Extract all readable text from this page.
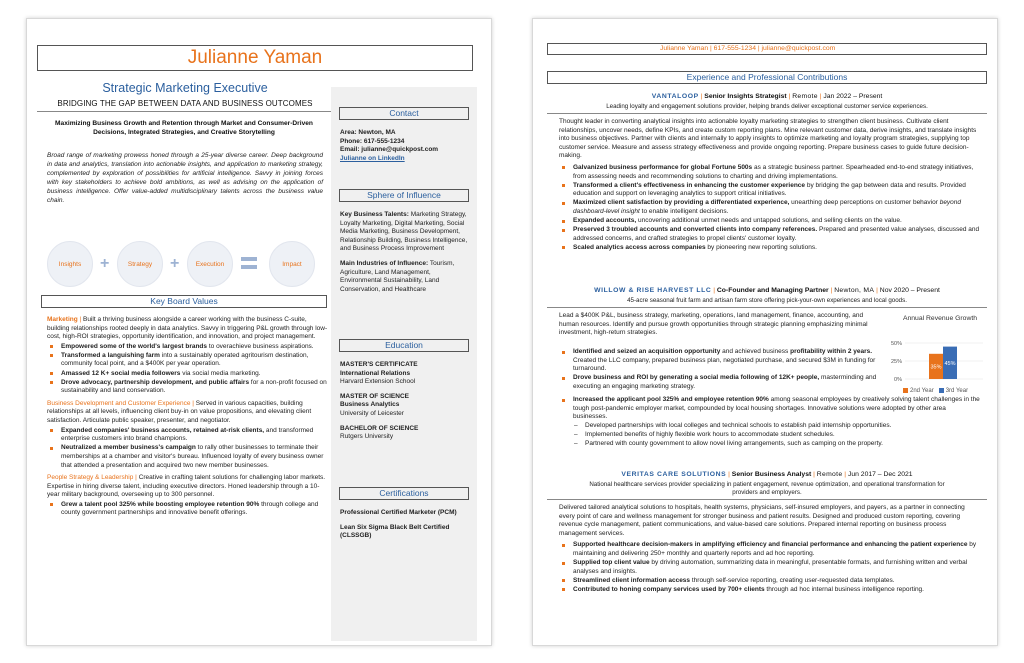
Julianne Yaman
Strategic Marketing Executive
BRIDGING THE GAP BETWEEN DATA AND BUSINESS OUTCOMES
Maximizing Business Growth and Retention through Market and Consumer-Driven Decisions, Integrated Strategies, and Creative Storytelling
Broad range of marketing prowess honed through a 25-year diverse career. Deep background in data and analytics, translation into actionable insights, and application to marketing strategy, complemented by exploration of possibilities for artificial intelligence. Savvy in joining forces with key stakeholders to achieve bold ambitions, as well as advising on the application of business intelligence. Offer value-added multidisciplinary talents across the business value chain.
Insights +	Strategy +	Execution	Impact
Key Board Values

Marketing | Built a thriving business alongside a career working with the business C-suite, building relationships rooted deeply in data analytics. Savvy in triggering P&L growth through low-cost, high-ROI strategies, opportunity identification, and innovation, and project management.

Empowered some of the world's largest brands to overachieve business aspirations.
Transformed a languishing farm into a sustainably operated agritourism destination, community focal point, and a $400K per year operation.
Amassed 12 K+ social media followers via social media marketing.
Drove advocacy, partnership development, and public affairs for a non-profit focused on sustainability and land conservation.

Business Development and Customer Experience | Served in various capacities, building relationships at all levels, influencing client buy-in on value propositions, and elevating client satisfaction. Articulate public speaker, presenter, and negotiator.

Expanded companies' business accounts, retained at-risk clients, and transformed enterprise customers into brand champions.
Neutralized a member business's campaign to rally other businesses to terminate their memberships at a chamber and visitor's bureau. Influenced loyalty of every business owner that attended a presentation and acquired two new member businesses.

People Strategy & Leadership | Creative in crafting talent solutions for challenging labor markets. Expertise in hiring diverse talent, including executive directors. Honed leadership through a 10-year military background, overseeing up to 300 personnel.

Grew a talent pool 325% while boosting employee retention 90% through college and county government partnerships and innovative benefit offerings.
Contact
Area: Newton, MA
Phone: 617-555-1234
Email: julianne@quickpost.com
Julianne on LinkedIn
Sphere of Influence

Key Business Talents: Marketing Strategy, Loyalty Marketing, Digital Marketing, Social Media Marketing, Business Development, Relationship Building, Business Intelligence, and Business Process Improvement

Main Industries of Influence: Tourism, Agriculture, Land Management, Environmental Sustainability, Land Conservation, and Healthcare

Education

MASTER'S CERTIFICATE
International Relations
Harvard Extension School

MASTER OF SCIENCE
Business Analytics
University of Leicester

BACHELOR OF SCIENCE
Rutgers University

Certifications

Professional Certified Marketer (PCM)

Lean Six Sigma Black Belt Certified (CLSSGB)

Julianne Yaman | 617-555-1234 | julianne@quickpost.com
Experience and Professional Contributions
VANTALOOP | Senior Insights Strategist | Remote | Jan 2022 – Present
Leading loyalty and engagement solutions provider, helping brands deliver exceptional customer service experiences.

Thought leader in converting analytical insights into actionable loyalty marketing strategies to strengthen client business. Cultivate client relationships, uncover needs, define KPIs, and create custom reporting plans. Mine relevant customer data, derive insights, and translate insights into business objectives. Partner with clients and internally to apply insights to optimize marketing and loyalty program strategies, supplying top customer service. Measure and assess strategy effectiveness and provide ongoing reporting. Prepare business cases to guide future decision-making.

Galvanized business performance for global Fortune 500s as a strategic business partner. Spearheaded end-to-end strategy initiatives, from assessing needs and recommending solutions to charting and driving implementations.
Transformed a client's effectiveness in enhancing the customer experience by bridging the gap between data and results. Provided education and support on leveraging analytics to support critical initiatives.
Maximized client satisfaction by providing a differentiated experience, unearthing deep perceptions on customer behavior beyond dashboard-level insight to enable intelligent decisions.
Expanded accounts, uncovering additional unmet needs and untapped solutions, and selling clients on the value.
Preserved 3 troubled accounts and converted clients into company references. Prepared and presented value analyses, discussed and addressed concerns, and crafted strategies to propel clients' customer loyalty.
Scaled analytics access across companies by pioneering new reporting solutions.
WILLOW & RISE HARVEST LLC | Co-Founder and Managing Partner | Newton, MA | Nov 2020 – Present
45-acre seasonal fruit farm and artisan farm store offering pick-your-own experiences and local goods.
Lead a $400K P&L, business strategy, marketing, operations, land management, finance, accounting, and human resources. Identify and pursue growth opportunities through strategic planning emphasizing minimal investment, high-return strategies.
Identified and seized an acquisition opportunity and achieved business profitability within 2 years. Created the LLC company, prepared business plan, negotiated purchase, and secured $3M in funding for turnaround.
Drove business and ROI by generating a social media following of 12K+ people, masterminding and executing an engaging marketing strategy.
Increased the applicant pool 325% and employee retention 90% among seasonal employees by creatively solving talent challenges in the tough post-pandemic employer market, compounded by local housing shortages. Innovative solutions were adopted by other area businesses.
– Developed partnerships with local colleges and technical schools to establish paid internship opportunities.
– Implemented benefits of highly flexible work hours to accommodate student schedules.
– Partnered with county government to allow novel living arrangements, such as camping on the property.
Annual Revenue Growth
50%
25%
0%
35%
45%
2nd Year 3rd Year
VERITAS CARE SOLUTIONS | Senior Business Analyst | Remote | Jun 2017 – Dec 2021
National healthcare services provider specializing in patient engagement, revenue optimization, and operational transformation for providers and employers.

Delivered tailored analytical solutions to hospitals, health systems, physicians, self-insured employers, and payers, as a partner in connecting every point of care and wellness management for stronger business and patient results. Designed and produced custom reporting, covering revenue cycle management, patient communications, and value-based care solutions. Prepared internal reporting on business process management services.

Supported healthcare decision-makers in amplifying efficiency and financial performance and enhancing the patient experience by maintaining and delivering 250+ monthly and quarterly reports and ad hoc reporting.
Supplied top client value by driving automation, summarizing data in meaningful, presentable formats, and furnishing written and verbal analyses and insights.
Streamlined client information access through self-service reporting, creating user-requested data templates.
Contributed to honing company services used by 700+ clients through ad hoc internal business intelligence reporting.
